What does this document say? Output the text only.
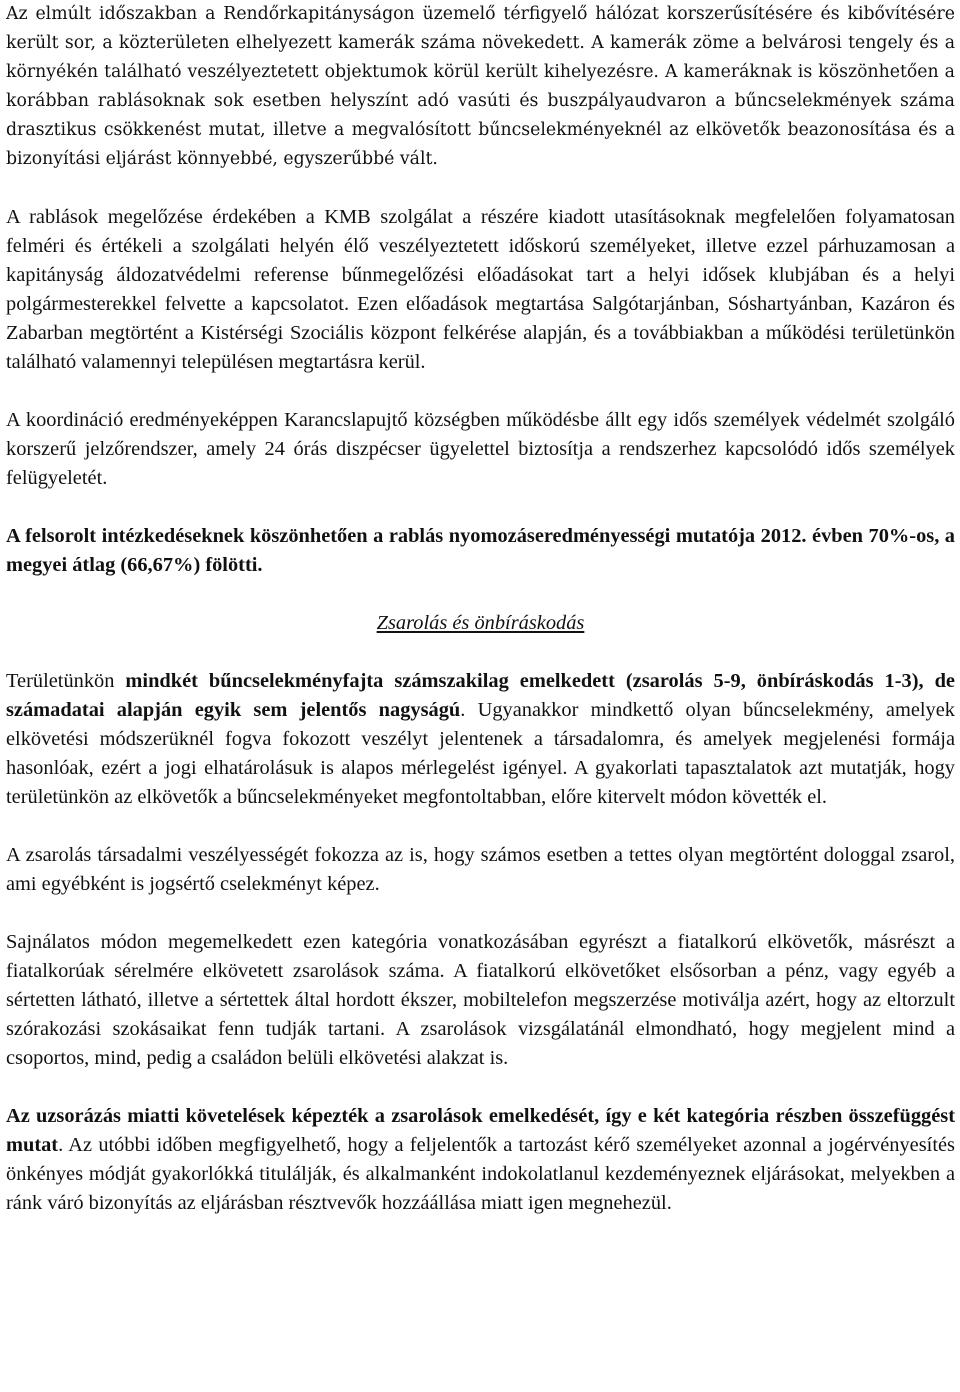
Az elmúlt időszakban a Rendőrkapitányságon üzemelő térfigyelő hálózat korszerűsítésére és kibővítésére került sor, a közterületen elhelyezett kamerák száma növekedett. A kamerák zöme a belvárosi tengely és a környékén található veszélyeztetett objektumok körül került kihelyezésre. A kameráknak is köszönhetően a korábban rablásoknak sok esetben helyszínt adó vasúti és buszpályaudvaron a bűncselekmények száma drasztikus csökkenést mutat, illetve a megvalósított bűncselekményeknél az elkövetők beazonosítása és a bizonyítási eljárást könnyebbé, egyszerűbbé vált.

A rablások megelőzése érdekében a KMB szolgálat a részére kiadott utasításoknak megfelelően folyamatosan felméri és értékeli a szolgálati helyén élő veszélyeztetett időskorú személyeket, illetve ezzel párhuzamosan a kapitányság áldozatvédelmi referense bűnmegelőzési előadásokat tart a helyi idősek klubjában és a helyi polgármesterekkel felvette a kapcsolatot. Ezen előadások megtartása Salgótarjánban, Sóshartyánban, Kazáron és Zabarban megtörtént a Kistérségi Szociális központ felkérése alapján, és a továbbiakban a működési területünkön található valamennyi településen megtartásra kerül.

A koordináció eredményeképpen Karancslapujtő községben működésbe állt egy idős személyek védelmét szolgáló korszerű jelzőrendszer, amely 24 órás diszpécser ügyelettel biztosítja a rendszerhez kapcsolódó idős személyek felügyeletét.

A felsorolt intézkedéseknek köszönhetően a rablás nyomozáseredményességi mutatója 2012. évben 70%-os, a megyei átlag (66,67%) fölötti.

Zsarolás és önbíráskodás

Területünkön mindkét bűncselekményfajta számszakilag emelkedett (zsarolás 5-9, önbíráskodás 1-3), de számadatai alapján egyik sem jelentős nagyságú. Ugyanakkor mindkettő olyan bűncselekmény, amelyek elkövetési módszerüknél fogva fokozott veszélyt jelentenek a társadalomra, és amelyek megjelenési formája hasonlóak, ezért a jogi elhatárolásuk is alapos mérlegelést igényel. A gyakorlati tapasztalatok azt mutatják, hogy területünkön az elkövetők a bűncselekményeket megfontoltabban, előre kitervelt módon követték el.

A zsarolás társadalmi veszélyességét fokozza az is, hogy számos esetben a tettes olyan megtörtént dologgal zsarol, ami egyébként is jogsértő cselekményt képez.

Sajnálatos módon megemelkedett ezen kategória vonatkozásában egyrészt a fiatalkorú elkövetők, másrészt a fiatalkorúak sérelmére elkövetett zsarolások száma. A fiatalkorú elkövetőket elsősorban a pénz, vagy egyéb a sértetten látható, illetve a sértettek által hordott ékszer, mobiltelefon megszerzése motiválja azért, hogy az eltorzult szórakozási szokásaikat fenn tudják tartani. A zsarolások vizsgálatánál elmondható, hogy megjelent mind a csoportos, mind, pedig a családon belüli elkövetési alakzat is.

Az uzsorázás miatti követelések képezték a zsarolások emelkedését, így e két kategória részben összefüggést mutat. Az utóbbi időben megfigyelhető, hogy a feljelentők a tartozást kérő személyeket azonnal a jogérvényesítés önkényes módját gyakorlókká titulálják, és alkalmanként indokolatlanul kezdeményeznek eljárásokat, melyekben a ránk váró bizonyítás az eljárásban résztvevők hozzáállása miatt igen megnehezül.
